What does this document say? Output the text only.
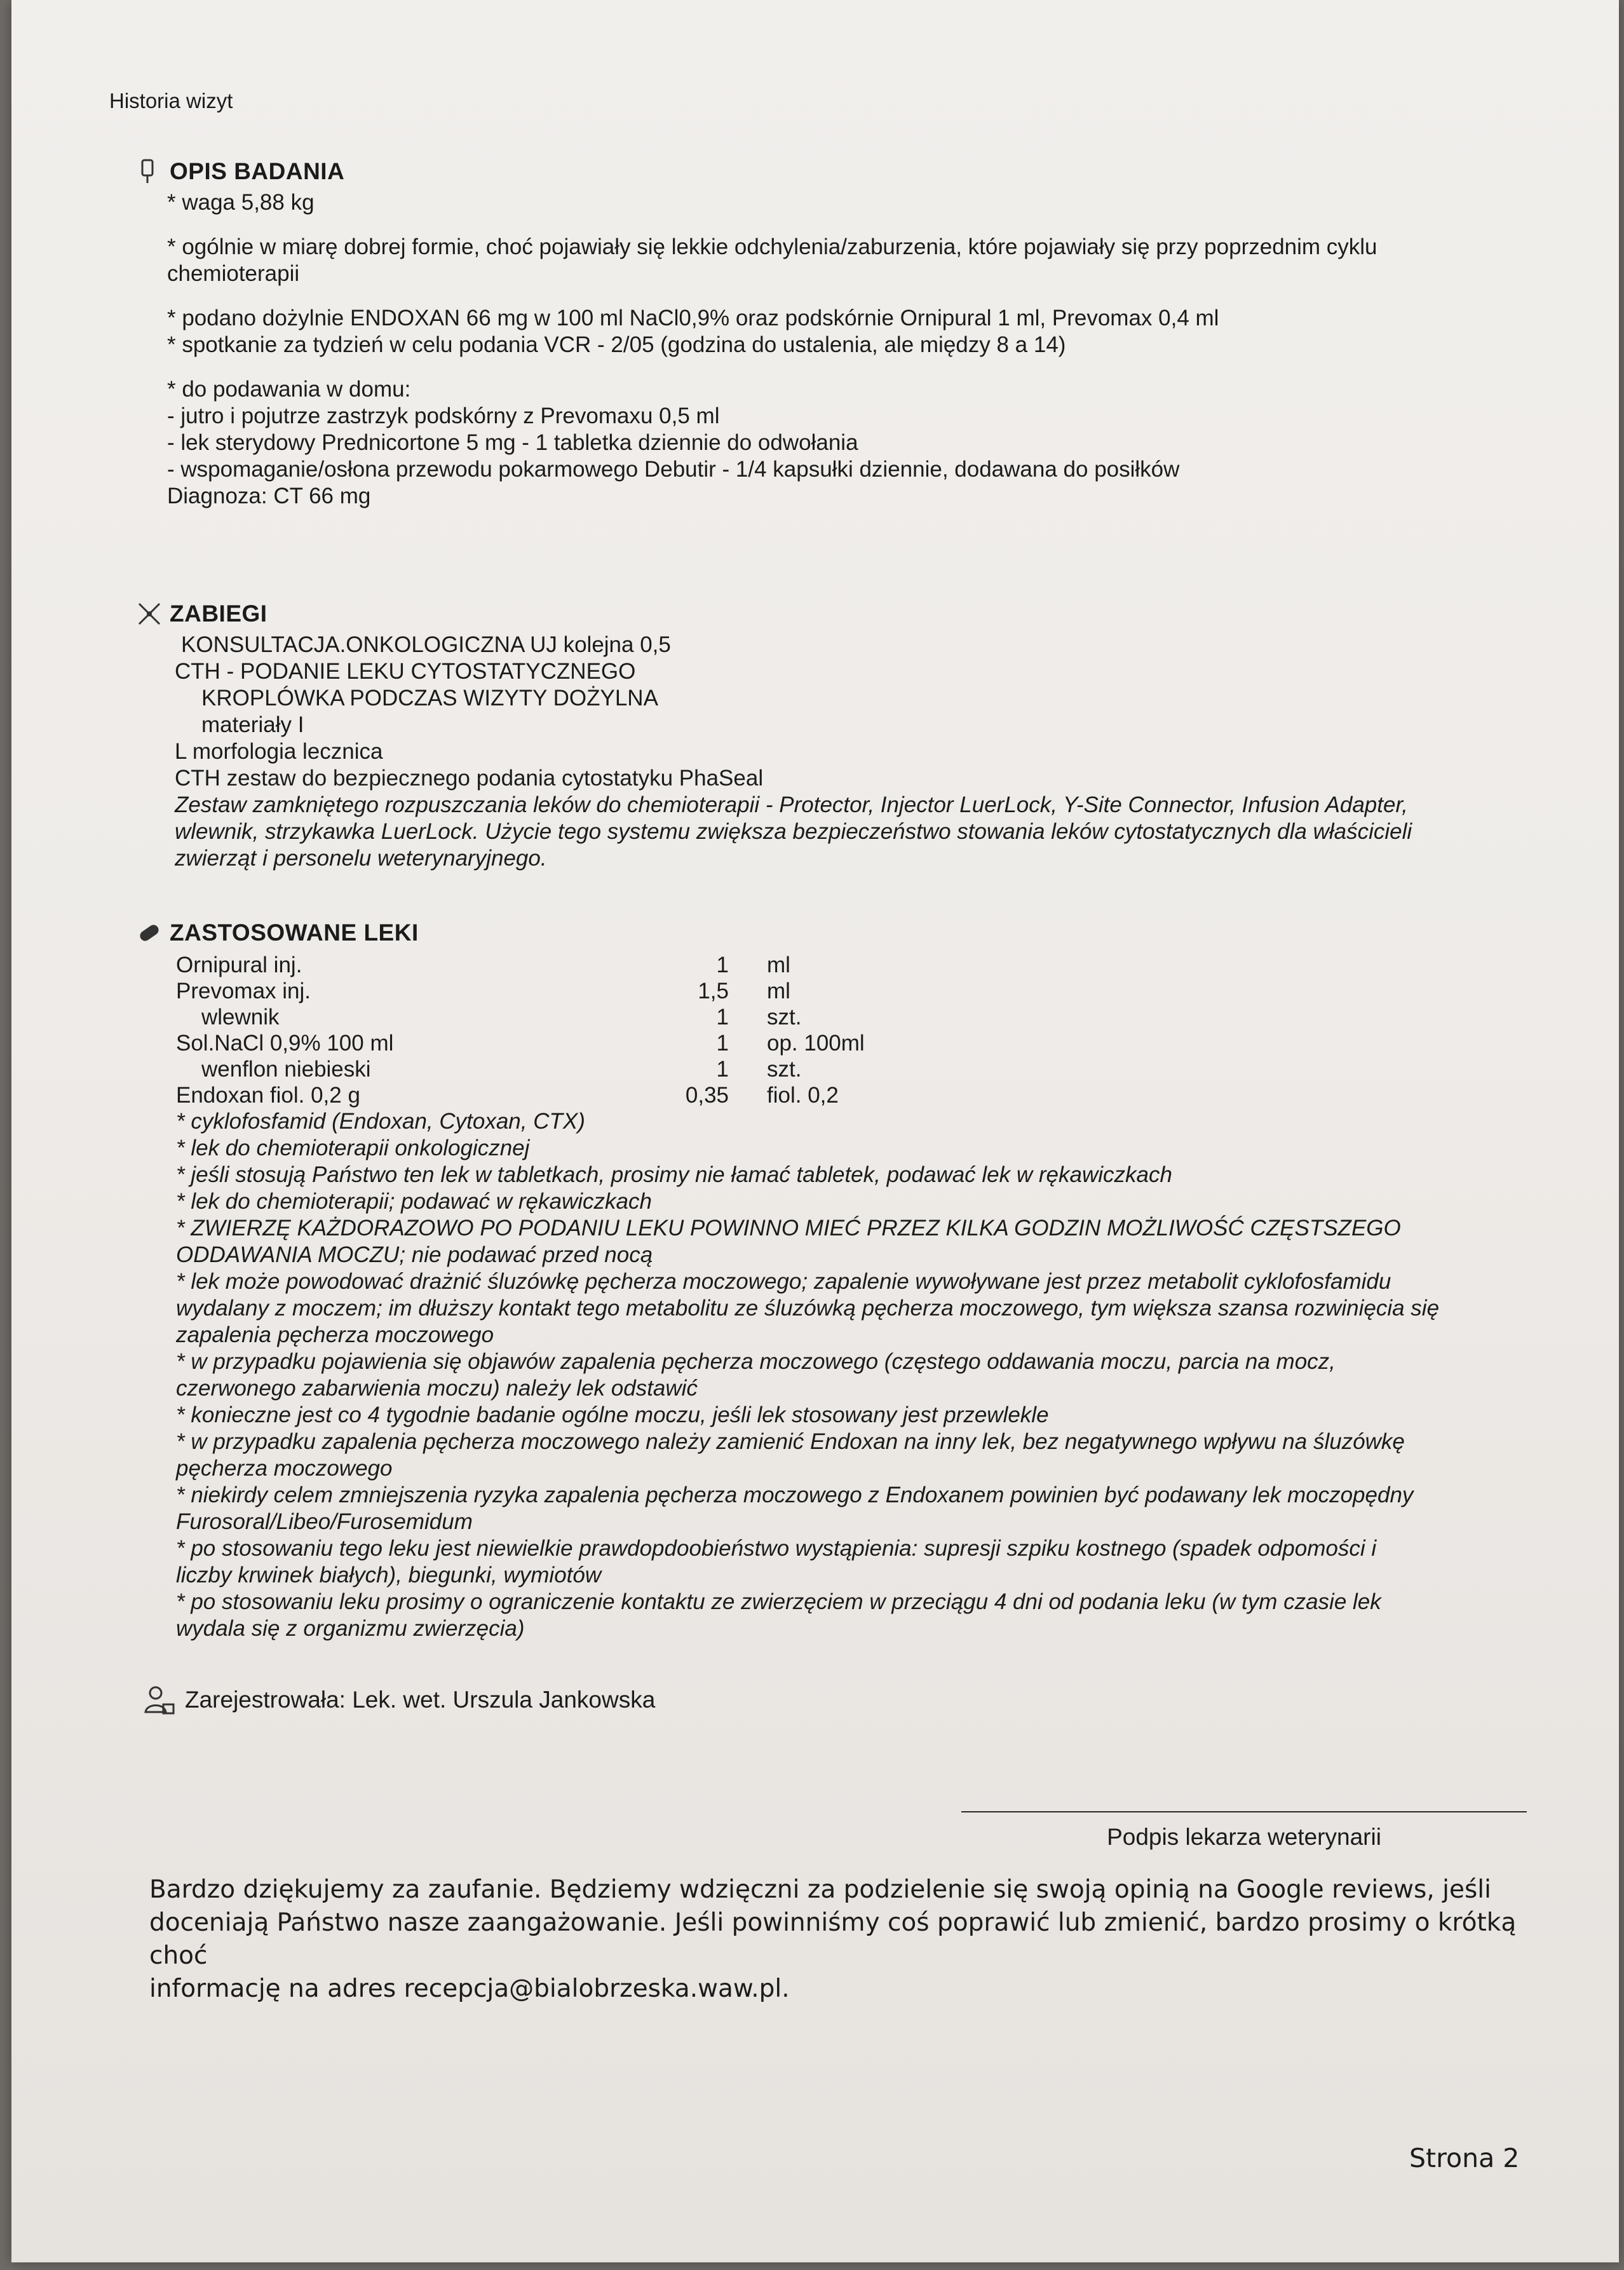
Historia wizyt
OPIS BADANIA
* waga 5,88 kg
* ogólnie w miarę dobrej formie, choć pojawiały się lekkie odchylenia/zaburzenia, które pojawiały się przy poprzednim cyklu
chemioterapii
* podano dożylnie ENDOXAN 66 mg w 100 ml NaCl0,9% oraz podskórnie Ornipural 1 ml, Prevomax 0,4 ml
* spotkanie za tydzień w celu podania VCR - 2/05 (godzina do ustalenia, ale między 8 a 14)
* do podawania w domu:
- jutro i pojutrze zastrzyk podskórny z Prevomaxu 0,5 ml
- lek sterydowy Prednicortone 5 mg - 1 tabletka dziennie do odwołania
- wspomaganie/osłona przewodu pokarmowego Debutir - 1/4 kapsułki dziennie, dodawana do posiłków
Diagnoza: CT 66 mg
ZABIEGI
KONSULTACJA.ONKOLOGICZNA UJ kolejna 0,5
CTH - PODANIE LEKU CYTOSTATYCZNEGO
KROPLÓWKA PODCZAS WIZYTY DOŻYLNA
materiały I
L morfologia lecznica
CTH zestaw do bezpiecznego podania cytostatyku PhaSeal
Zestaw zamkniętego rozpuszczania leków do chemioterapii - Protector, Injector LuerLock, Y-Site Connector, Infusion Adapter,
wlewnik, strzykawka LuerLock. Użycie tego systemu zwiększa bezpieczeństwo stowania leków cytostatycznych dla właścicieli
zwierząt i personelu weterynaryjnego.
ZASTOSOWANE LEKI
Ornipural inj.	1	ml
Prevomax inj.	1,5	ml
wlewnik	1	szt.
Sol.NaCl 0,9% 100 ml	1	op. 100ml
wenflon niebieski	1	szt.
Endoxan fiol. 0,2 g	0,35	fiol. 0,2
* cyklofosfamid (Endoxan, Cytoxan, CTX)
* lek do chemioterapii onkologicznej
* jeśli stosują Państwo ten lek w tabletkach, prosimy nie łamać tabletek, podawać lek w rękawiczkach
* lek do chemioterapii; podawać w rękawiczkach
* ZWIERZĘ KAŻDORAZOWO PO PODANIU LEKU POWINNO MIEĆ PRZEZ KILKA GODZIN MOŻLIWOŚĆ CZĘSTSZEGO
ODDAWANIA MOCZU; nie podawać przed nocą
* lek może powodować drażnić śluzówkę pęcherza moczowego; zapalenie wywoływane jest przez metabolit cyklofosfamidu
wydalany z moczem; im dłuższy kontakt tego metabolitu ze śluzówką pęcherza moczowego, tym większa szansa rozwinięcia się
zapalenia pęcherza moczowego
* w przypadku pojawienia się objawów zapalenia pęcherza moczowego (częstego oddawania moczu, parcia na mocz,
czerwonego zabarwienia moczu) należy lek odstawić
* konieczne jest co 4 tygodnie badanie ogólne moczu, jeśli lek stosowany jest przewlekle
* w przypadku zapalenia pęcherza moczowego należy zamienić Endoxan na inny lek, bez negatywnego wpływu na śluzówkę
pęcherza moczowego
* niekirdy celem zmniejszenia ryzyka zapalenia pęcherza moczowego z Endoxanem powinien być podawany lek moczopędny
Furosoral/Libeo/Furosemidum
* po stosowaniu tego leku jest niewielkie prawdopdoobieństwo wystąpienia: supresji szpiku kostnego (spadek odpomości i
liczby krwinek białych), biegunki, wymiotów
* po stosowaniu leku prosimy o ograniczenie kontaktu ze zwierzęciem w przeciągu 4 dni od podania leku (w tym czasie lek
wydala się z organizmu zwierzęcia)
Zarejestrowała: Lek. wet. Urszula Jankowska
Podpis lekarza weterynarii
Bardzo dziękujemy za zaufanie. Będziemy wdzięczni za podzielenie się swoją opinią na Google reviews, jeśli
doceniają Państwo nasze zaangażowanie. Jeśli powinniśmy coś poprawić lub zmienić, bardzo prosimy o krótką choć
informację na adres recepcja@bialobrzeska.waw.pl.
Strona 2
